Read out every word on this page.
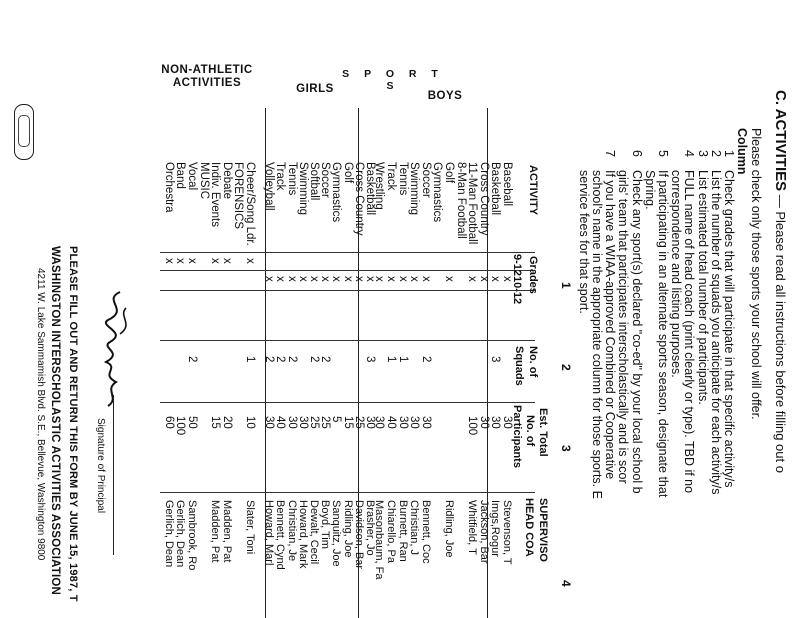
PLEASE FILL OUT AND RETURN THIS FORM BY JUNE 15, 1987, T
WASHINGTON INTERSCHOLASTIC ACTIVITIES ASSOCIATION
4211 W. Lake Sammamish Blvd. S.E., Bellevue, Washington 9800	Signature of Principal
NON-ATHLETIC
ACTIVITIES
S P O R T S
GIRLS
BOYS
ACTIVITY
Grades
9-12
10-12
No. of
Squads
Est. Total
No. of
Participants
SUPERVISO
HEAD COA
1
2
3
4
C. ACTIVITIES — Please read all instructions before filling out o
Please check only those sports your school will offer.
Column
1
Check grades that will participate in that specific activity/s
2
List the number of squads you anticipate for each activity/s
3
List estimated total number of participants.
4
FULL name of head coach (print clearly or type). TBD if no
correspondence and listing purposes.
5
If participating in an alternate sports season, designate that
Spring.
6
Check any sport(s) declared "co-ed" by your local school b
girls' team that participates interscholastically and is scor
7
If you have a WIAA-approved Combined or Cooperative
school's name in the appropriate column for those sports. E
service fees for that sport.
Baseball
x
30
Stevenson, T
Basketball
x
3
30
Imgs,Rogur
Cross Country
x
30
Jackson, Bar
11-Man Football
x
100
Whitfield, T
8-Man Football
Golf
x
Ridling, Joe
Gymnastics
Soccer
x
2
30
Bennett, Coc
Swimming
x
30
Christian, J
Tennis
x
1
30
Burnett, Ran
Track
x
1
40
Chiarello, Pa
Wrestling
x
30
Masonbaum, Fa
Basketball
x
3
30
Brasher, Jo
Cross Country
x
25
Davidson, Bar
Golf
x
15
Ridling, Joe
Gymnastics
x
5
Sanquitz, Joe
Soccer
x
2
25
Boyd, Tim
Softball
x
2
25
Dewalt, Cecil
Swimming
x
30
Howard, Mark
Tennis
x
2
30
Christian, Je
Track
x
2
40
Bennett, Cynd
Volleyball
x
2
30
Howard, Marl
Cheer/Song Ldr.
x
1
10
Slater, Toni
FORENSICS
Debate
x
20
Madden, Pat
Indiv. Events
x
15
Madden, Pat
MUSIC
Vocal
x
2
50
Sambrook, Ro
Band
x
100
Gerlich, Dean
Orchestra
x
60
Gerlich, Dean
